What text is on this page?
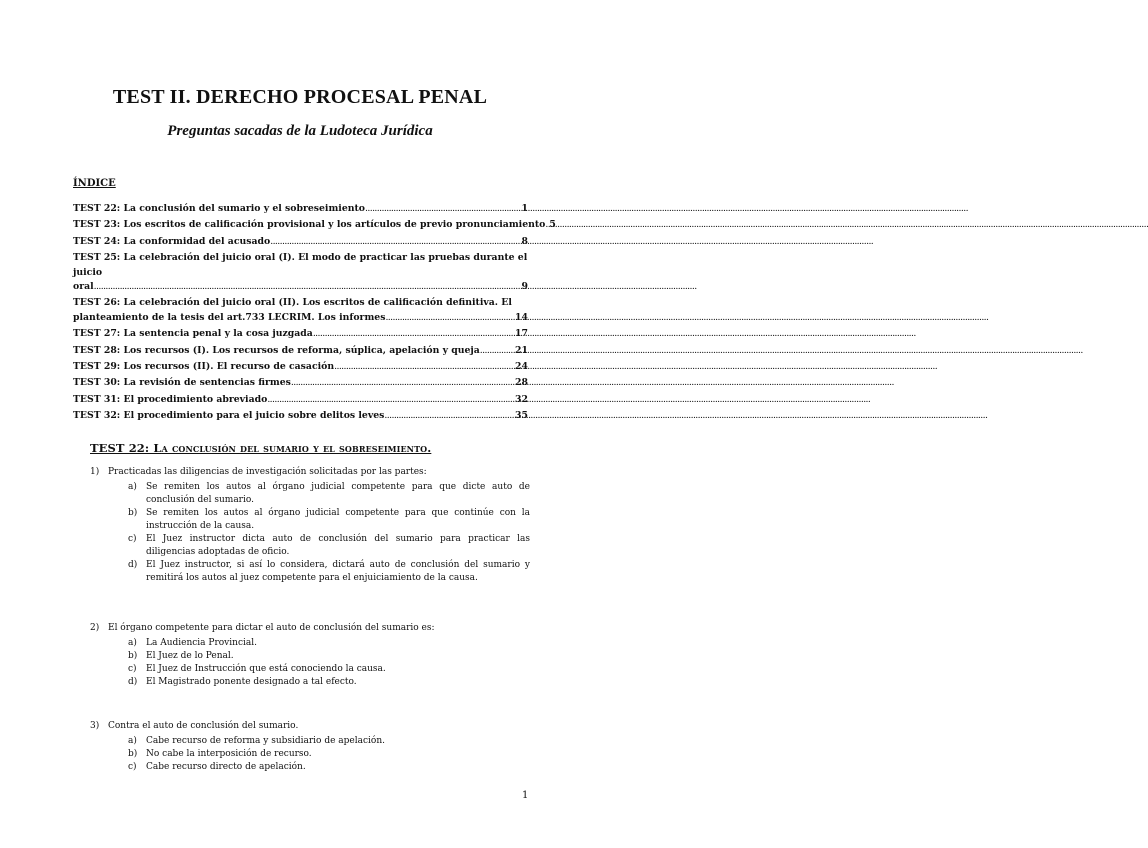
TEST II. DERECHO PROCESAL PENAL
Preguntas sacadas de la Ludoteca Jurídica
ÍNDICE
TEST 22: La conclusión del sumario y el sobreseimiento .....	1
TEST 23: Los escritos de calificación provisional y los artículos de previo pronunciamiento ..... 5
TEST 24: La conformidad del acusado .....	8
TEST 25: La celebración del juicio oral (I). El modo de practicar las pruebas durante el juicio
oral .....	9
TEST 26: La celebración del juicio oral (II). Los escritos de calificación definitiva. El
planteamiento de la tesis del art.733 LECRIM. Los informes .....	14
TEST 27: La sentencia penal y la cosa juzgada .....	17
TEST 28: Los recursos (I). Los recursos de reforma, súplica, apelación y queja .....	21
TEST 29: Los recursos (II). El recurso de casación .....	24
TEST 30: La revisión de sentencias firmes .....	28
TEST 31: El procedimiento abreviado .....	32
TEST 32: El procedimiento para el juicio sobre delitos leves .....	35
TEST 22: La conclusión del sumario y el sobreseimiento.
1) Practicadas las diligencias de investigación solicitadas por las partes:
a)	Se remiten los autos al órgano judicial competente para que dicte auto de conclusión del sumario.
b) Se remiten los autos al órgano judicial competente para que continúe con la instrucción de la causa.
c)	El Juez instructor dicta auto de conclusión del sumario para practicar las diligencias adoptadas de oficio.
d) El Juez instructor, si así lo considera, dictará auto de conclusión del sumario y remitirá los autos al juez competente para el enjuiciamiento de la causa.
2) El órgano competente para dictar el auto de conclusión del sumario es:
a)	La Audiencia Provincial.
b) El Juez de lo Penal.
c)	El Juez de Instrucción que está conociendo la causa.
d) El Magistrado ponente designado a tal efecto.
3) Contra el auto de conclusión del sumario.
a)	Cabe recurso de reforma y subsidiario de apelación.
b) No cabe la interposición de recurso.
c)	Cabe recurso directo de apelación.
1
